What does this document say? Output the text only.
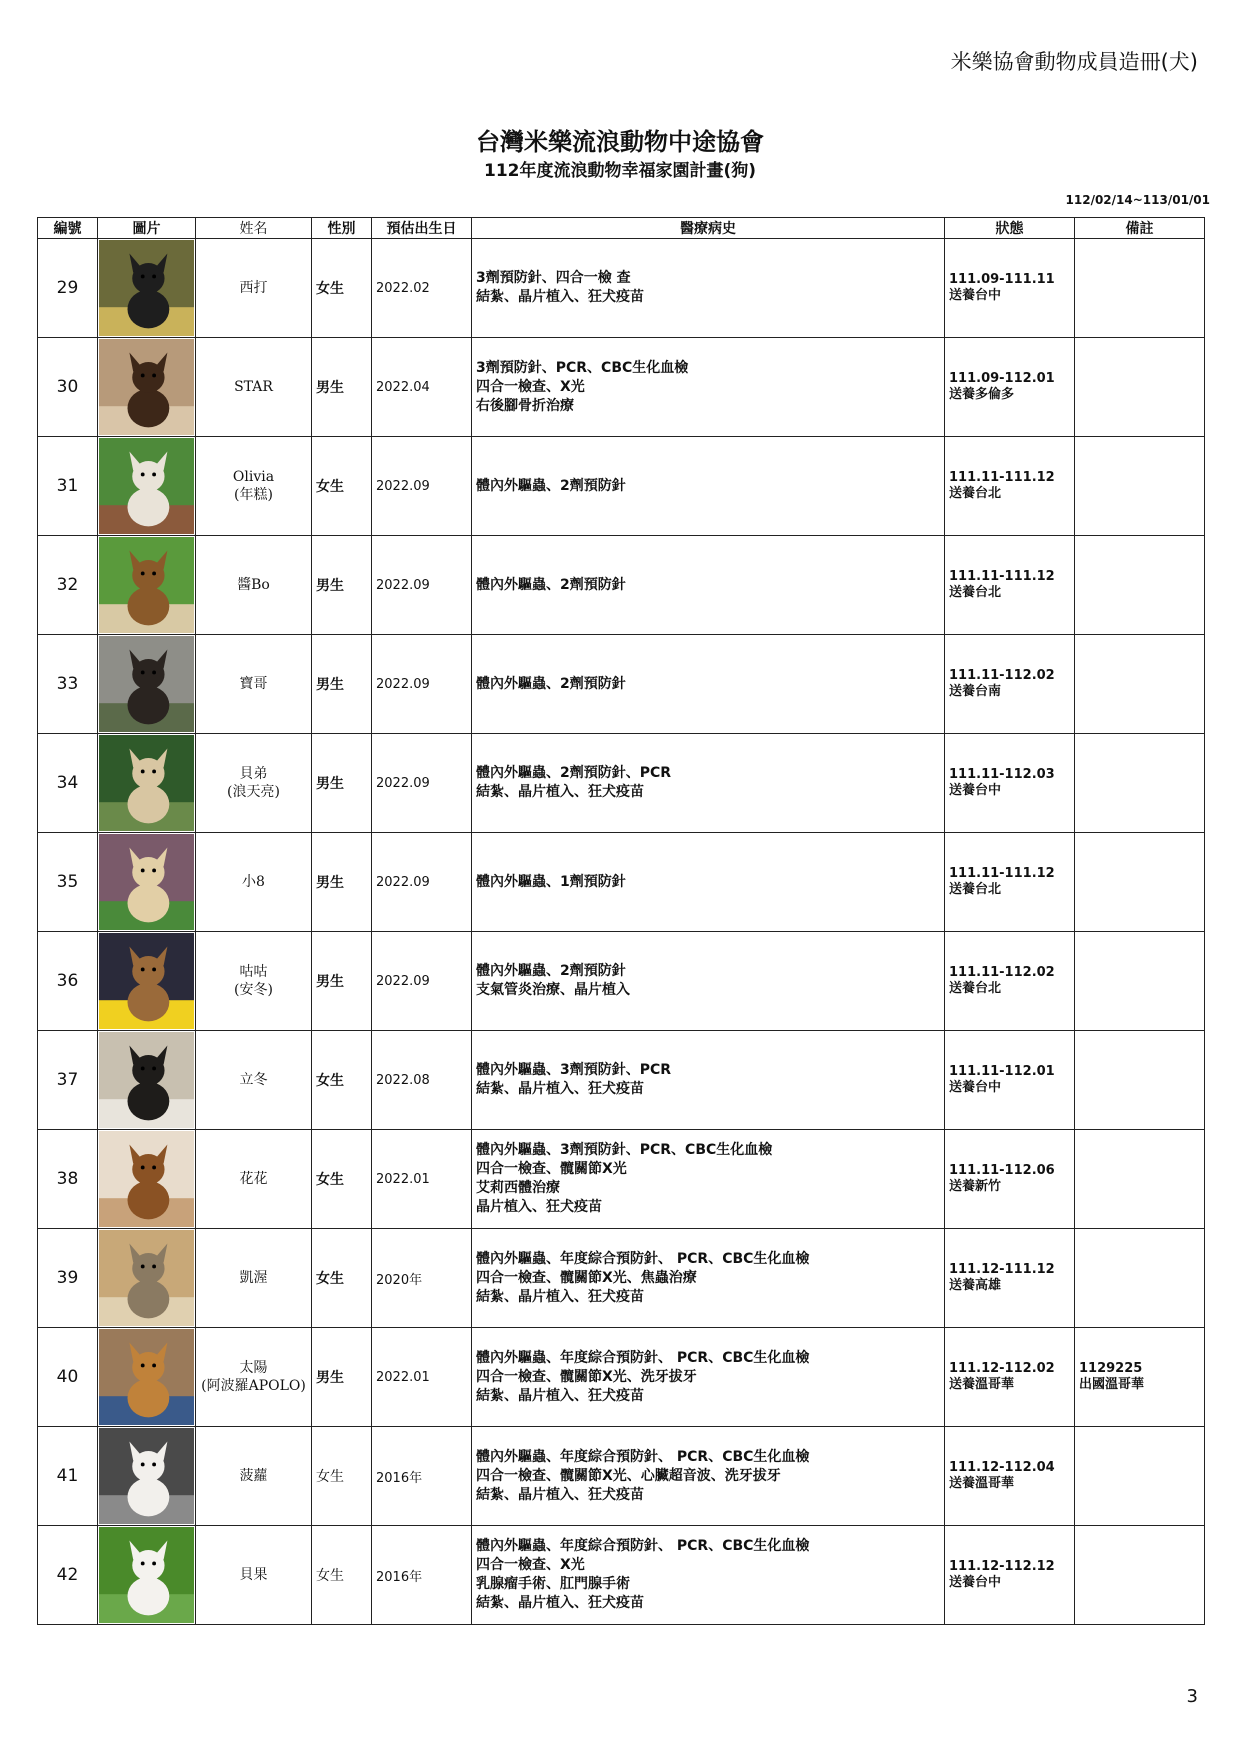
米樂協會動物成員造冊(犬)
台灣米樂流浪動物中途協會
112年度流浪動物幸福家園計畫(狗)
112/02/14~113/01/01
編號	圖片	姓名	性別	預估出生日	醫療病史	狀態	備註

29		西打	女生	2022.02	3劑預防針、四合一檢 查
結紮、晶片植入、狂犬疫苗	111.09-111.11
送養台中	

30		STAR	男生	2022.04	3劑預防針、PCR、CBC生化血檢
四合一檢查、X光
右後腳骨折治療	111.09-112.01
送養多倫多	

31		Olivia
(年糕)	女生	2022.09	體內外驅蟲、2劑預防針	111.11-111.12
送養台北	

32		醬Bo	男生	2022.09	體內外驅蟲、2劑預防針	111.11-111.12
送養台北	

33		寶哥	男生	2022.09	體內外驅蟲、2劑預防針	111.11-112.02
送養台南	

34		貝弟
(浪天亮)	男生	2022.09	體內外驅蟲、2劑預防針、PCR
結紮、晶片植入、狂犬疫苗	111.11-112.03
送養台中	

35		小8	男生	2022.09	體內外驅蟲、1劑預防針	111.11-111.12
送養台北	

36		咕咕
(安冬)	男生	2022.09	體內外驅蟲、2劑預防針
支氣管炎治療、晶片植入	111.11-112.02
送養台北	

37		立冬	女生	2022.08	體內外驅蟲、3劑預防針、PCR
結紮、晶片植入、狂犬疫苗	111.11-112.01
送養台中	

38		花花	女生	2022.01	體內外驅蟲、3劑預防針、PCR、CBC生化血檢
四合一檢查、髖關節X光
艾莉西體治療
晶片植入、狂犬疫苗	111.11-112.06
送養新竹	

39		凱渥	女生	2020年	體內外驅蟲、年度綜合預防針、 PCR、CBC生化血檢
四合一檢查、髖關節X光、焦蟲治療
結紮、晶片植入、狂犬疫苗	111.12-111.12
送養高雄	

40		太陽
(阿波羅APOLO)	男生	2022.01	體內外驅蟲、年度綜合預防針、 PCR、CBC生化血檢
四合一檢查、髖關節X光、洗牙拔牙
結紮、晶片植入、狂犬疫苗	111.12-112.02
送養溫哥華	1129225
出國溫哥華

41		菠蘿	女生	2016年	體內外驅蟲、年度綜合預防針、 PCR、CBC生化血檢
四合一檢查、髖關節X光、心臟超音波、洗牙拔牙
結紮、晶片植入、狂犬疫苗	111.12-112.04
送養溫哥華	

42		貝果	女生	2016年	體內外驅蟲、年度綜合預防針、 PCR、CBC生化血檢
四合一檢查、X光
乳腺瘤手術、肛門腺手術
結紮、晶片植入、狂犬疫苗	111.12-112.12
送養台中	

3
